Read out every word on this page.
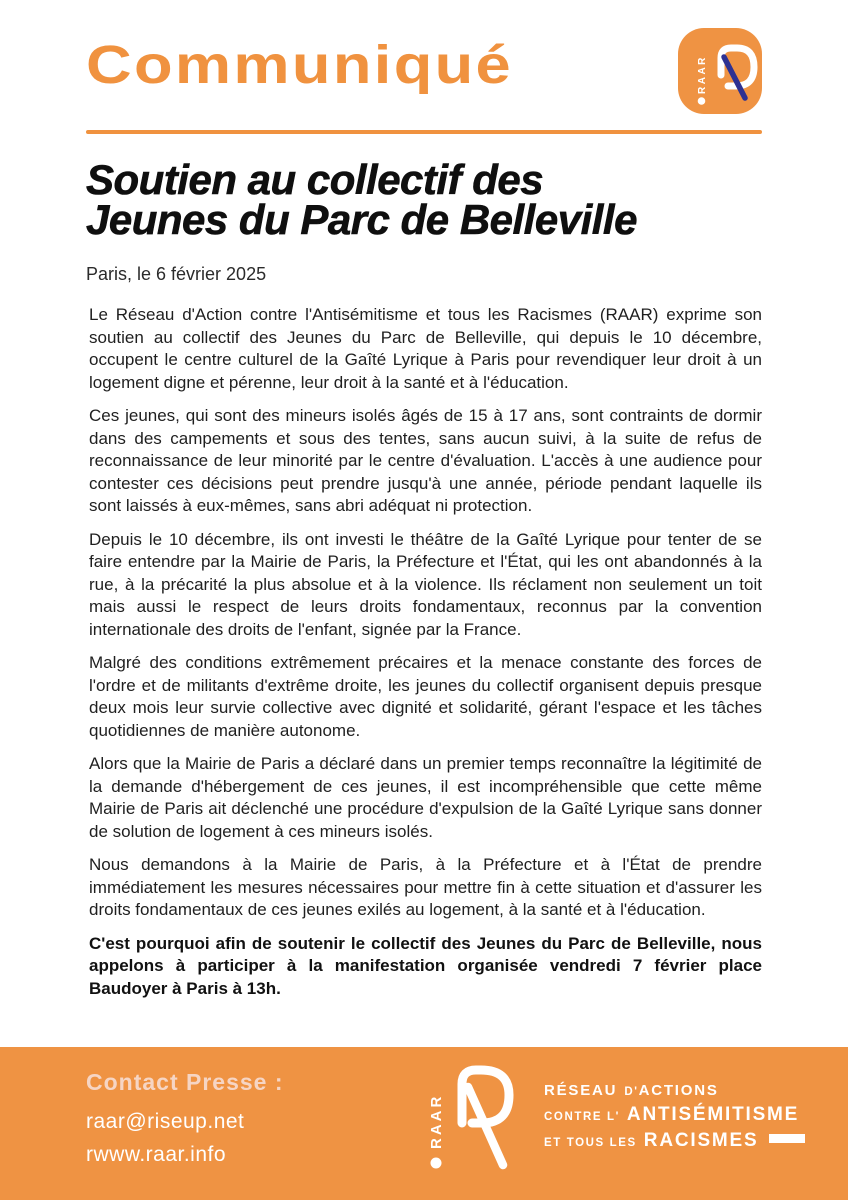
Communiqué	RAAR
Soutien au collectif des
Jeunes du Parc de Belleville
Paris, le 6 février 2025

Le Réseau d'Action contre l'Antisémitisme et tous les Racismes (RAAR) exprime son soutien au collectif des Jeunes du Parc de Belleville, qui depuis le 10 décembre, occupent le centre culturel de la Gaîté Lyrique à Paris pour revendiquer leur droit à un logement digne et pérenne, leur droit à la santé et à l'éducation.

Ces jeunes, qui sont des mineurs isolés âgés de 15 à 17 ans, sont contraints de dormir dans des campements et sous des tentes, sans aucun suivi, à la suite de refus de reconnaissance de leur minorité par le centre d'évaluation. L'accès à une audience pour contester ces décisions peut prendre jusqu'à une année, période pendant laquelle ils sont laissés à eux-mêmes, sans abri adéquat ni protection.

Depuis le 10 décembre, ils ont investi le théâtre de la Gaîté Lyrique pour tenter de se faire entendre par la Mairie de Paris, la Préfecture et l'État, qui les ont abandonnés à la rue, à la précarité la plus absolue et à la violence. Ils réclament non seulement un toit mais aussi le respect de leurs droits fondamentaux, reconnus par la convention internationale des droits de l'enfant, signée par la France.

Malgré des conditions extrêmement précaires et la menace constante des forces de l'ordre et de militants d'extrême droite, les jeunes du collectif organisent depuis presque deux mois leur survie collective avec dignité et solidarité, gérant l'espace et les tâches quotidiennes de manière autonome.

Alors que la Mairie de Paris a déclaré dans un premier temps reconnaître la légitimité de la demande d'hébergement de ces jeunes, il est incompréhensible que cette même Mairie de Paris ait déclenché une procédure d'expulsion de la Gaîté Lyrique sans donner de solution de logement à ces mineurs isolés.

Nous demandons à la Mairie de Paris, à la Préfecture et à l'État de prendre immédiatement les mesures nécessaires pour mettre fin à cette situation et d'assurer les droits fondamentaux de ces jeunes exilés au logement, à la santé et à l'éducation.

C'est pourquoi afin de soutenir le collectif des Jeunes du Parc de Belleville, nous appelons à participer à la manifestation organisée vendredi 7 février place Baudoyer à Paris à 13h.

Contact Presse :
raar@riseup.net
rwww.raar.info
RAAR
RÉSEAU D'ACTIONS
CONTRE L' ANTISÉMITISME
ET TOUS LES RACISMES
